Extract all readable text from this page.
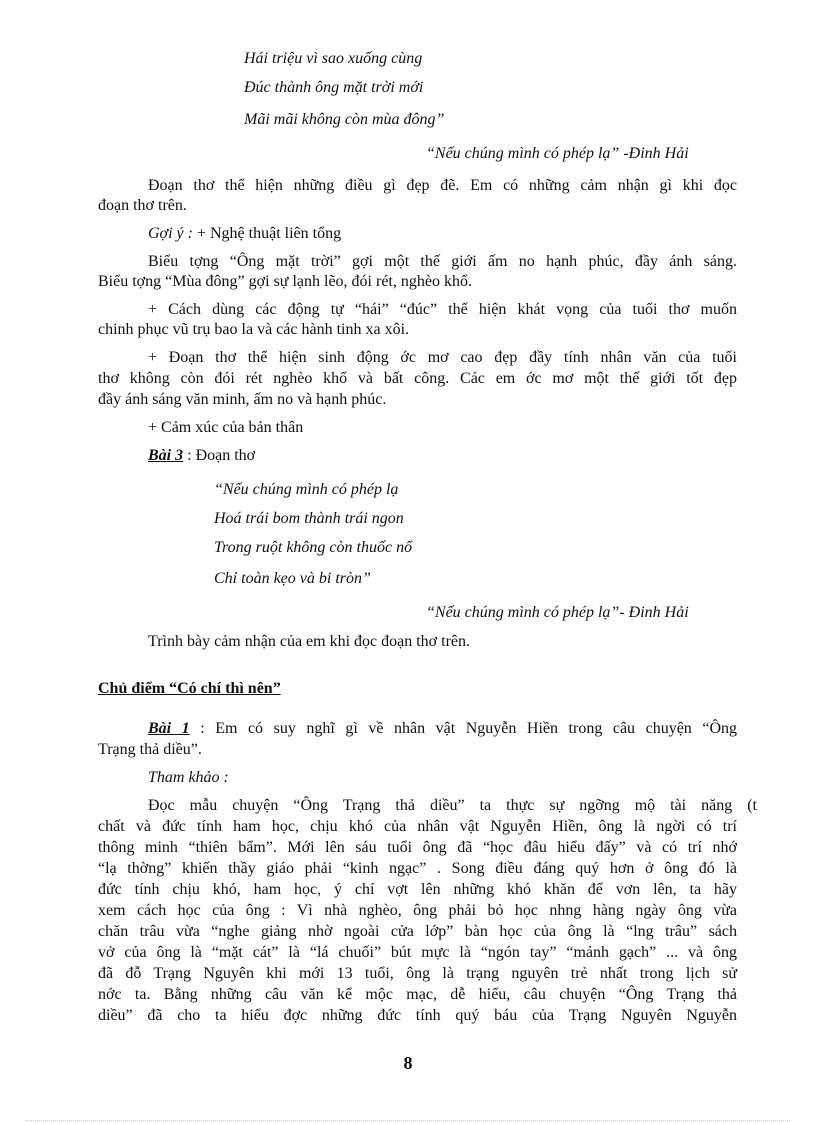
Hái triệu vì sao xuống cùng
Đúc thành ông mặt trời mới
Mãi mãi không còn mùa đông”
“Nếu chúng mình có phép lạ” -Đinh Hải
Đoạn thơ thể hiện những điều gì đẹp đẽ. Em có những cảm nhận gì khi đọc
đoạn thơ trên.
Gợi ý : + Nghệ thuật liên tổng
Biểu tợng “Ông mặt trời” gợi một thế giới ấm no hạnh phúc, đầy ánh sáng.
Biểu tợng “Mùa đông” gợi sự lạnh lẽo, đói rét, nghèo khổ.
+ Cách dùng các động tự “hái” “đúc” thể hiện khát vọng của tuổi thơ muốn
chinh phục vũ trụ bao la và các hành tinh xa xôi.
+ Đoạn thơ thể hiện sinh động ớc mơ cao đẹp đầy tính nhân văn của tuổi
thơ không còn đói rét nghèo khổ và bất công. Các em ớc mơ một thế giới tốt đẹp
đầy ánh sáng văn minh, ấm no và hạnh phúc.
+ Cảm xúc của bản thân
Bài 3 : Đoạn thơ
“Nếu chúng mình có phép lạ
Hoá trái bom thành trái ngon
Trong ruột không còn thuốc nổ
Chỉ toàn kẹo và bi tròn”
“Nếu chúng mình có phép lạ”- Đinh Hải
Trình bày cảm nhận của em khi đọc đoạn thơ trên.
Chủ điểm “Có chí thì nên”
Bài 1 : Em có suy nghĩ gì về nhân vật Nguyễn Hiền trong câu chuyện “Ông
Trạng thả diều”.
Tham khảo :
Đọc mẫu chuyện “Ông Trạng thả diều” ta thực sự ngỡng mộ tài năng (t
chất và đức tính ham học, chịu khó của nhân vật Nguyễn Hiền, ông là ngời có trí
thông minh “thiên bẩm”. Mới lên sáu tuổi ông đã “học đâu hiểu đấy” và có trí nhớ
“lạ thờng” khiến thầy giáo phải “kinh ngạc” . Song điều đáng quý hơn ở ông đó là
đức tính chịu khó, ham học, ý chí vợt lên những khó khăn để vơn lên, ta hãy
xem cách học của ông : Vì nhà nghèo, ông phải bỏ học nhng hàng ngày ông vừa
chăn trâu vừa “nghe giảng nhờ ngoài cửa lớp” bàn học của ông là “lng trâu” sách
vở của ông là “mặt cát” là “lá chuối” bút mực là “ngón tay” “mảnh gạch” ... và ông
đã đỗ Trạng Nguyên khi mới 13 tuổi, ông là trạng nguyên trẻ nhất trong lịch sử
nớc ta. Bằng những câu văn kể mộc mạc, dễ hiểu, câu chuyện “Ông Trạng thả
diều” đã cho ta hiểu đợc những đức tính quý báu của Trạng Nguyên Nguyễn
8
